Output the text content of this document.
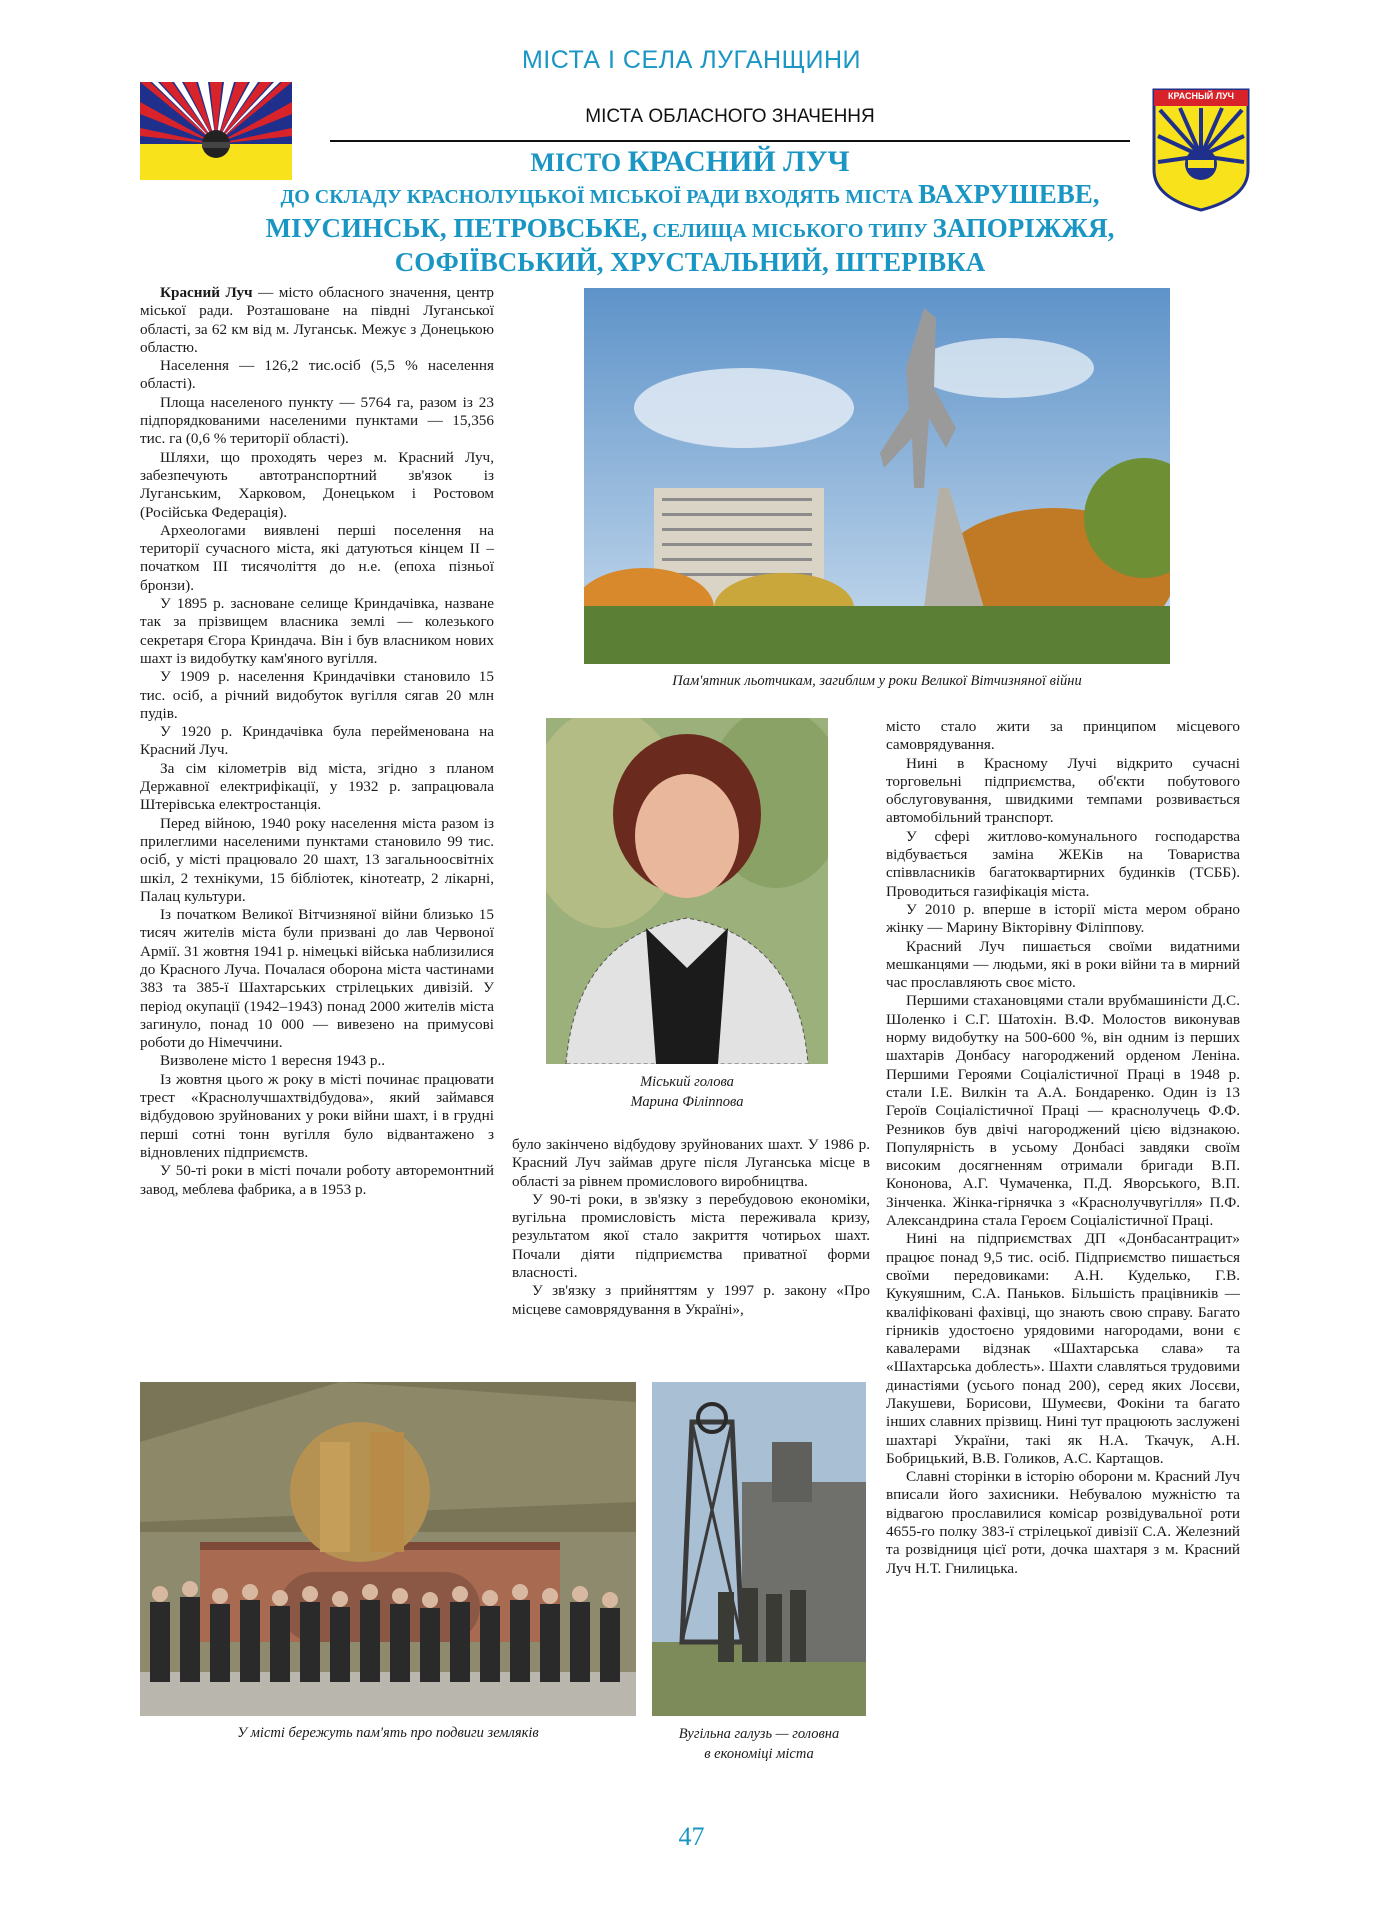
МІСТА І СЕЛА ЛУГАНЩИНИ
МІСТА ОБЛАСНОГО ЗНАЧЕННЯ
КРАСНЫЙ ЛУЧ
МІСТО КРАСНИЙ ЛУЧ
ДО СКЛАДУ КРАСНОЛУЦЬКОЇ МІСЬКОЇ РАДИ ВХОДЯТЬ МІСТА ВАХРУШЕВЕ,
МІУСИНСЬК, ПЕТРОВСЬКЕ, СЕЛИЩА МІСЬКОГО ТИПУ ЗАПОРІЖЖЯ,
СОФІЇВСЬКИЙ, ХРУСТАЛЬНИЙ, ШТЕРІВКА

Красний Луч — місто обласного значення, центр міської ради. Розташоване на півдні Луганської області, за 62 км від м. Луганськ. Межує з Донецькою областю.

Населення — 126,2 тис.осіб (5,5 % населення області).

Площа населеного пункту — 5764 га, разом із 23 підпорядкованими населеними пунктами — 15,356 тис. га (0,6 % території області).

Шляхи, що проходять через м. Красний Луч, забезпечують автотранспортний зв'язок із Луганським, Харковом, Донецьком і Ростовом (Російська Федерація).

Археологами виявлені перші поселення на території сучасного міста, які датуються кінцем II – початком III тисячоліття до н.е. (епоха пізньої бронзи).

У 1895 р. засноване селище Криндачівка, назване так за прізвищем власника землі — колезького секретаря Єгора Криндача. Він і був власником нових шахт із видобутку кам'яного вугілля.

У 1909 р. населення Криндачівки становило 15 тис. осіб, а річний видобуток вугілля сягав 20 млн пудів.

У 1920 р. Криндачівка була перейменована на Красний Луч.

За сім кілометрів від міста, згідно з планом Державної електрифікації, у 1932 р. запрацювала Штерівська електростанція.

Перед війною, 1940 року населення міста разом із прилеглими населеними пунктами становило 99 тис. осіб, у місті працювало 20 шахт, 13 загальноосвітніх шкіл, 2 технікуми, 15 бібліотек, кінотеатр, 2 лікарні, Палац культури.

Із початком Великої Вітчизняної війни близько 15 тисяч жителів міста були призвані до лав Червоної Армії. 31 жовтня 1941 р. німецькі війська наблизилися до Красного Луча. Почалася оборона міста частинами 383 та 385-ї Шахтарських стрілецьких дивізій. У період окупації (1942–1943) понад 2000 жителів міста загинуло, понад 10 000 — вивезено на примусові роботи до Німеччини.

Визволене місто 1 вересня 1943 р..

Із жовтня цього ж року в місті починає працювати трест «Краснолучшахтвідбудова», який займався відбудовою зруйнованих у роки війни шахт, і в грудні перші сотні тонн вугілля було відвантажено з відновлених підприємств.

У 50-ті роки в місті почали роботу авторемонтний завод, меблева фабрика, а в 1953 р.

Пам'ятник льотчикам, загиблим у роки Великої Вітчизняної війни
Міський голова
Марина Філіппова

було закінчено відбудову зруйнованих шахт. У 1986 р. Красний Луч займав друге після Луганська місце в області за рівнем промислового виробництва.

У 90-ті роки, в зв'язку з перебудовою економіки, вугільна промисловість міста переживала кризу, результатом якої стало закриття чотирьох шахт. Почали діяти підприємства приватної форми власності.

У зв'язку з прийняттям у 1997 р. закону «Про місцеве самоврядування в Україні»,

місто стало жити за принципом місцевого самоврядування.

Нині в Красному Лучі відкрито сучасні торговельні підприємства, об'єкти побутового обслуговування, швидкими темпами розвивається автомобільний транспорт.

У сфері житлово-комунального господарства відбувається заміна ЖЕКів на Товариства співвласників багатоквартирних будинків (ТСББ). Проводиться газифікація міста.

У 2010 р. вперше в історії міста мером обрано жінку — Марину Вікторівну Філіппову.

Красний Луч пишається своїми видатними мешканцями — людьми, які в роки війни та в мирний час прославляють своє місто.

Першими стахановцями стали врубмашиністи Д.С. Шоленко і С.Г. Шатохін. В.Ф. Молостов виконував норму видобутку на 500-600 %, він одним із перших шахтарів Донбасу нагороджений орденом Леніна. Першими Героями Соціалістичної Праці в 1948 р. стали І.Е. Вилкін та А.А. Бондаренко. Один із 13 Героїв Соціалістичної Праці — краснолучець Ф.Ф. Резников був двічі нагороджений цією відзнакою. Популярність в усьому Донбасі завдяки своїм високим досягненням отримали бригади В.П. Кононова, А.Г. Чумаченка, П.Д. Яворського, В.П. Зінченка. Жінка-гірнячка з «Краснолучвугілля» П.Ф. Александрина стала Героєм Соціалістичної Праці.

Нині на підприємствах ДП «Донбасантрацит» працює понад 9,5 тис. осіб. Підприємство пишається своїми передовиками: А.Н. Куделько, Г.В. Кукуяшним, С.А. Паньков. Більшість працівників — кваліфіковані фахівці, що знають свою справу. Багато гірників удостоєно урядовими нагородами, вони є кавалерами відзнак «Шахтарська слава» та «Шахтарська доблесть». Шахти славляться трудовими династіями (усього понад 200), серед яких Лосєви, Лакушеви, Борисови, Шумеєви, Фокіни та багато інших славних прізвищ. Нині тут працюють заслужені шахтарі України, такі як Н.А. Ткачук, А.Н. Бобрицький, В.В. Голиков, А.С. Картащов.

Славні сторінки в історію оборони м. Красний Луч вписали його захисники. Небувалою мужністю та відвагою прославилися комісар розвідувальної роти 4655-го полку 383-ї стрілецької дивізії С.А. Железний та розвідниця цієї роти, дочка шахтаря з м. Красний Луч Н.Т. Гнилицька.

У місті бережуть пам'ять про подвиги земляків	Вугільна галузь — головна
в економіці міста
47
